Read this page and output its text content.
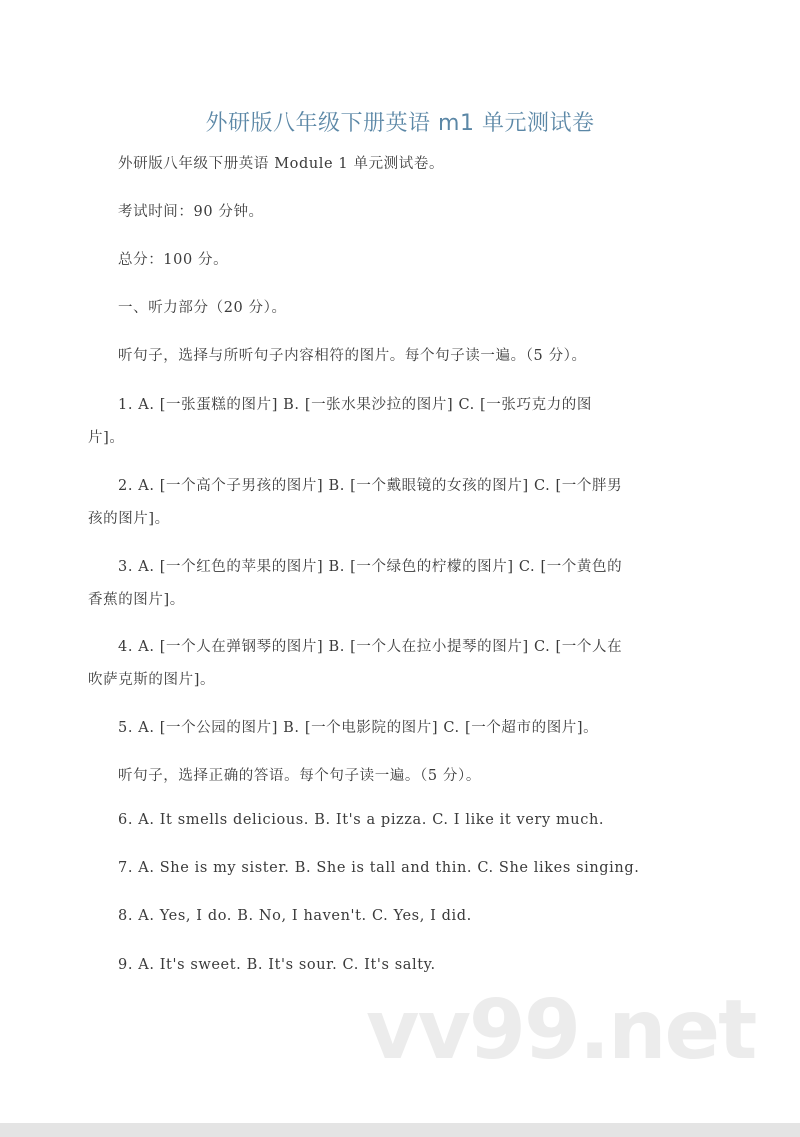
外研版八年级下册英语 m1 单元测试卷
外研版八年级下册英语 Module 1 单元测试卷。
考试时间：90 分钟。
总分：100 分。
一、听力部分（20 分）。
听句子，选择与所听句子内容相符的图片。每个句子读一遍。（5 分）。
1. A. [一张蛋糕的图片] B. [一张水果沙拉的图片] C. [一张巧克力的图
片]。
2. A. [一个高个子男孩的图片] B. [一个戴眼镜的女孩的图片] C. [一个胖男
孩的图片]。
3. A. [一个红色的苹果的图片] B. [一个绿色的柠檬的图片] C. [一个黄色的
香蕉的图片]。
4. A. [一个人在弹钢琴的图片] B. [一个人在拉小提琴的图片] C. [一个人在
吹萨克斯的图片]。
5. A. [一个公园的图片] B. [一个电影院的图片] C. [一个超市的图片]。
听句子，选择正确的答语。每个句子读一遍。（5 分）。
6. A. It smells delicious. B. It's a pizza. C. I like it very much.
7. A. She is my sister. B. She is tall and thin. C. She likes singing.
8. A. Yes, I do. B. No, I haven't. C. Yes, I did.
9. A. It's sweet. B. It's sour. C. It's salty.
vv99.net
